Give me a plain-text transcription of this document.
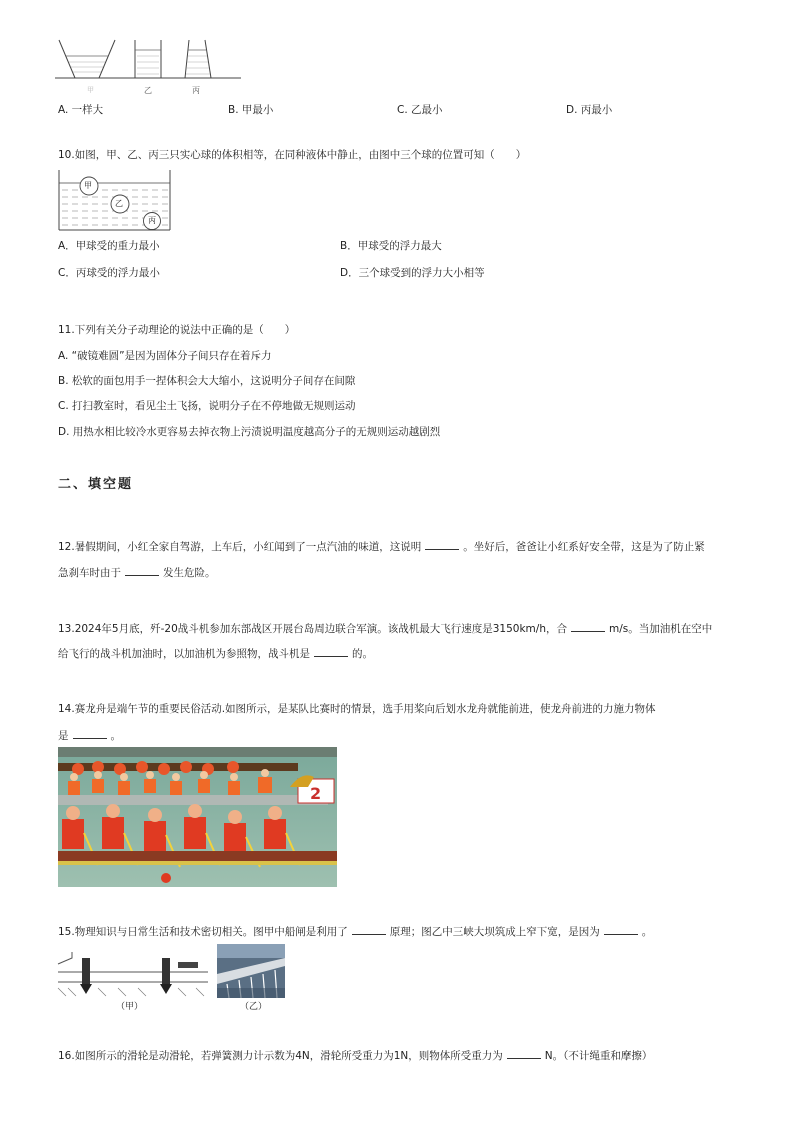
甲	乙	丙
A. 一样大	B. 甲最小	C. 乙最小	D. 丙最小
10.如图，甲、乙、丙三只实心球的体积相等，在同种液体中静止，由图中三个球的位置可知（　　）
甲
乙
丙
A．甲球受的重力最小	B．甲球受的浮力最大
C．丙球受的浮力最小	D．三个球受到的浮力大小相等
11.下列有关分子动理论的说法中正确的是（　　）
A. “破镜难圆”是因为固体分子间只存在着斥力
B. 松软的面包用手一捏体积会大大缩小，这说明分子间存在间隙
C. 打扫教室时，看见尘土飞扬，说明分子在不停地做无规则运动
D. 用热水相比较冷水更容易去掉衣物上污渍说明温度越高分子的无规则运动越剧烈
二、填空题
12.暑假期间，小红全家自驾游，上车后，小红闻到了一点汽油的味道，这说明	。坐好后，爸爸让小红系好安全带，这是为了防止紧
急刹车时由于	发生危险。
13.2024年5月底，歼-20战斗机参加东部战区开展台岛周边联合军演。该战机最大飞行速度是3150km/h，合	m/s。当加油机在空中
给飞行的战斗机加油时，以加油机为参照物，战斗机是	的。
14.赛龙舟是端午节的重要民俗活动.如图所示，是某队比赛时的情景，选手用桨向后划水龙舟就能前进，使龙舟前进的力施力物体
是	。
2
15.物理知识与日常生活和技术密切相关。图甲中船闸是利用了	原理；图乙中三峡大坝筑成上窄下宽，是因为	。
（甲）	（乙）
16.如图所示的滑轮是动滑轮，若弹簧测力计示数为4N，滑轮所受重力为1N，则物体所受重力为	N。（不计绳重和摩擦）
